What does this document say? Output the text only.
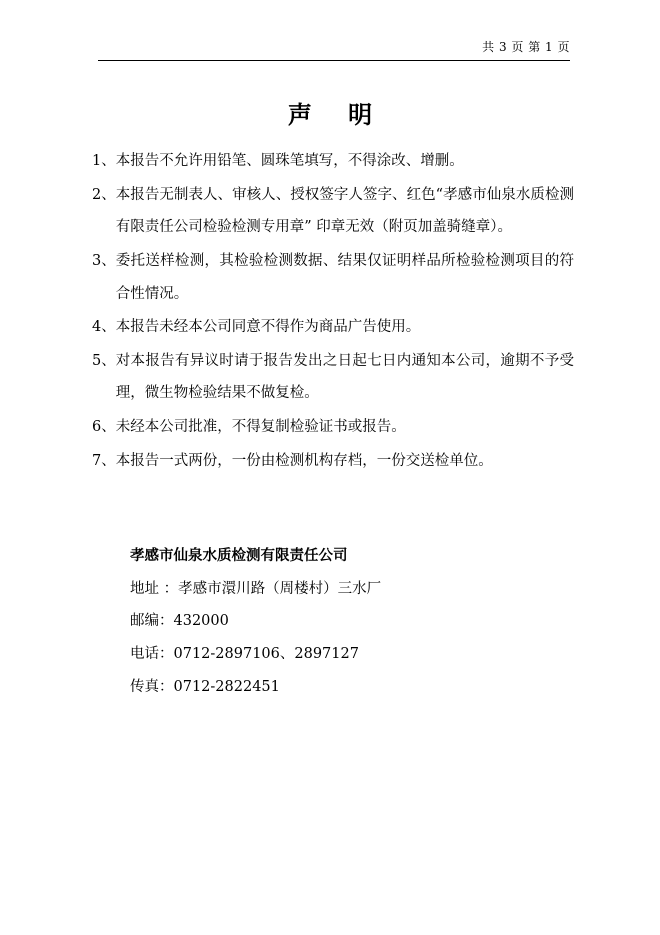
共 3 页 第 1 页
声 明
1、 本报告不允许用铅笔、圆珠笔填写，不得涂改、增删。
2、 本报告无制表人、审核人、授权签字人签字、红色“孝感市仙泉水质检测有限责任公司检验检测专用章” 印章无效（附页加盖骑缝章）。
3、 委托送样检测，其检验检测数据、结果仅证明样品所检验检测项目的符合性情况。
4、 本报告未经本公司同意不得作为商品广告使用。
5、 对本报告有异议时请于报告发出之日起七日内通知本公司，逾期不予受理，微生物检验结果不做复检。
6、 未经本公司批准，不得复制检验证书或报告。
7、 本报告一式两份，一份由检测机构存档，一份交送检单位。
孝感市仙泉水质检测有限责任公司
地址 ：孝感市澴川路（周楼村）三水厂
邮编：432000
电话：0712-2897106、2897127
传真：0712-2822451
